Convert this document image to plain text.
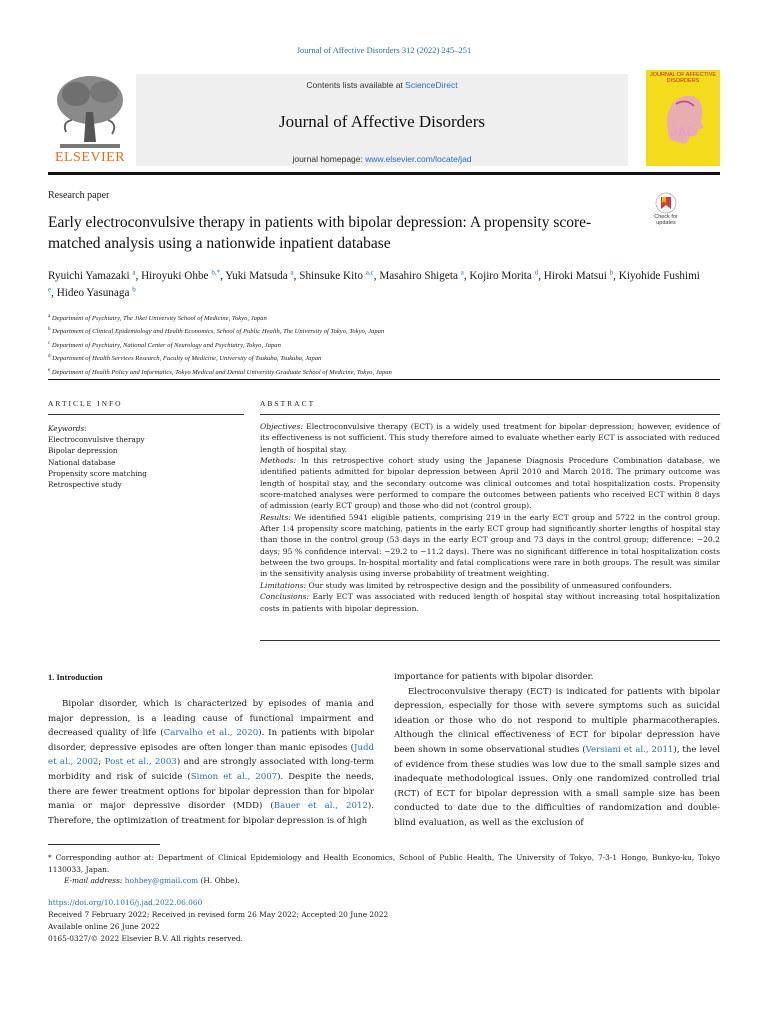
Journal of Affective Disorders 312 (2022) 245–251
ELSEVIER
Contents lists available at ScienceDirect
Journal of Affective Disorders
journal homepage: www.elsevier.com/locate/jad
JOURNAL OF AFFECTIVE DISORDERS
JAD
Research paper
Check for updates
Early electroconvulsive therapy in patients with bipolar depression: A propensity score-matched analysis using a nationwide inpatient database
Ryuichi Yamazaki $^a$, Hiroyuki Ohbe $^{b,*}$, Yuki Matsuda $^a$, Shinsuke Kito $^{a,c}$, Masahiro Shigeta $^a$, Kojiro Morita $^d$, Hiroki Matsui $^b$, Kiyohide Fushimi $^e$, Hideo Yasunaga $^b$
$^a$ Department of Psychiatry, The Jikei University School of Medicine, Tokyo, Japan
$^b$ Department of Clinical Epidemiology and Health Economics, School of Public Health, The University of Tokyo, Tokyo, Japan
$^c$ Department of Psychiatry, National Center of Neurology and Psychiatry, Tokyo, Japan
$^d$ Department of Health Services Research, Faculty of Medicine, University of Tsukuba, Tsukuba, Japan
$^e$ Department of Health Policy and Informatics, Tokyo Medical and Dental University Graduate School of Medicine, Tokyo, Japan
ARTICLE INFO	ABSTRACT
Keywords:
Electroconvulsive therapy
Bipolar depression
National database
Propensity score matching
Retrospective study

Objectives: Electroconvulsive therapy (ECT) is a widely used treatment for bipolar depression; however, evidence of its effectiveness is not sufficient. This study therefore aimed to evaluate whether early ECT is associated with reduced length of hospital stay.

Methods: In this retrospective cohort study using the Japanese Diagnosis Procedure Combination database, we identified patients admitted for bipolar depression between April 2010 and March 2018. The primary outcome was length of hospital stay, and the secondary outcome was clinical outcomes and total hospitalization costs. Propensity score-matched analyses were performed to compare the outcomes between patients who received ECT within 8 days of admission (early ECT group) and those who did not (control group).

Results: We identified 5941 eligible patients, comprising 219 in the early ECT group and 5722 in the control group. After 1:4 propensity score matching, patients in the early ECT group had significantly shorter lengths of hospital stay than those in the control group (53 days in the early ECT group and 73 days in the control group; difference: −20.2 days; 95 % confidence interval: −29.2 to −11.2 days). There was no significant difference in total hospitalization costs between the two groups. In-hospital mortality and fatal complications were rare in both groups. The result was similar in the sensitivity analysis using inverse probability of treatment weighting.

Limitations: Our study was limited by retrospective design and the possibility of unmeasured confounders.

Conclusions: Early ECT was associated with reduced length of hospital stay without increasing total hospitalization costs in patients with bipolar depression.

1. Introduction

Bipolar disorder, which is characterized by episodes of mania and major depression, is a leading cause of functional impairment and decreased quality of life (Carvalho et al., 2020). In patients with bipolar disorder, depressive episodes are often longer than manic episodes (Judd et al., 2002; Post et al., 2003) and are strongly associated with long-term morbidity and risk of suicide (Simon et al., 2007). Despite the needs, there are fewer treatment options for bipolar depression than for bipolar mania or major depressive disorder (MDD) (Bauer et al., 2012). Therefore, the optimization of treatment for bipolar depression is of high

importance for patients with bipolar disorder.

Electroconvulsive therapy (ECT) is indicated for patients with bipolar depression, especially for those with severe symptoms such as suicidal ideation or those who do not respond to multiple pharmacotherapies. Although the clinical effectiveness of ECT for bipolar depression have been shown in some observational studies (Versiani et al., 2011), the level of evidence from these studies was low due to the small sample sizes and inadequate methodological issues. Only one randomized controlled trial (RCT) of ECT for bipolar depression with a small sample size has been conducted to date due to the difficulties of randomization and double-blind evaluation, as well as the exclusion of

* Corresponding author at: Department of Clinical Epidemiology and Health Economics, School of Public Health, The University of Tokyo, 7-3-1 Hongo, Bunkyo-ku, Tokyo 1130033, Japan.
E-mail address: hohbey@gmail.com (H. Ohbe).
https://doi.org/10.1016/j.jad.2022.06.060
Received 7 February 2022; Received in revised form 26 May 2022; Accepted 20 June 2022
Available online 26 June 2022
0165-0327/© 2022 Elsevier B.V. All rights reserved.
